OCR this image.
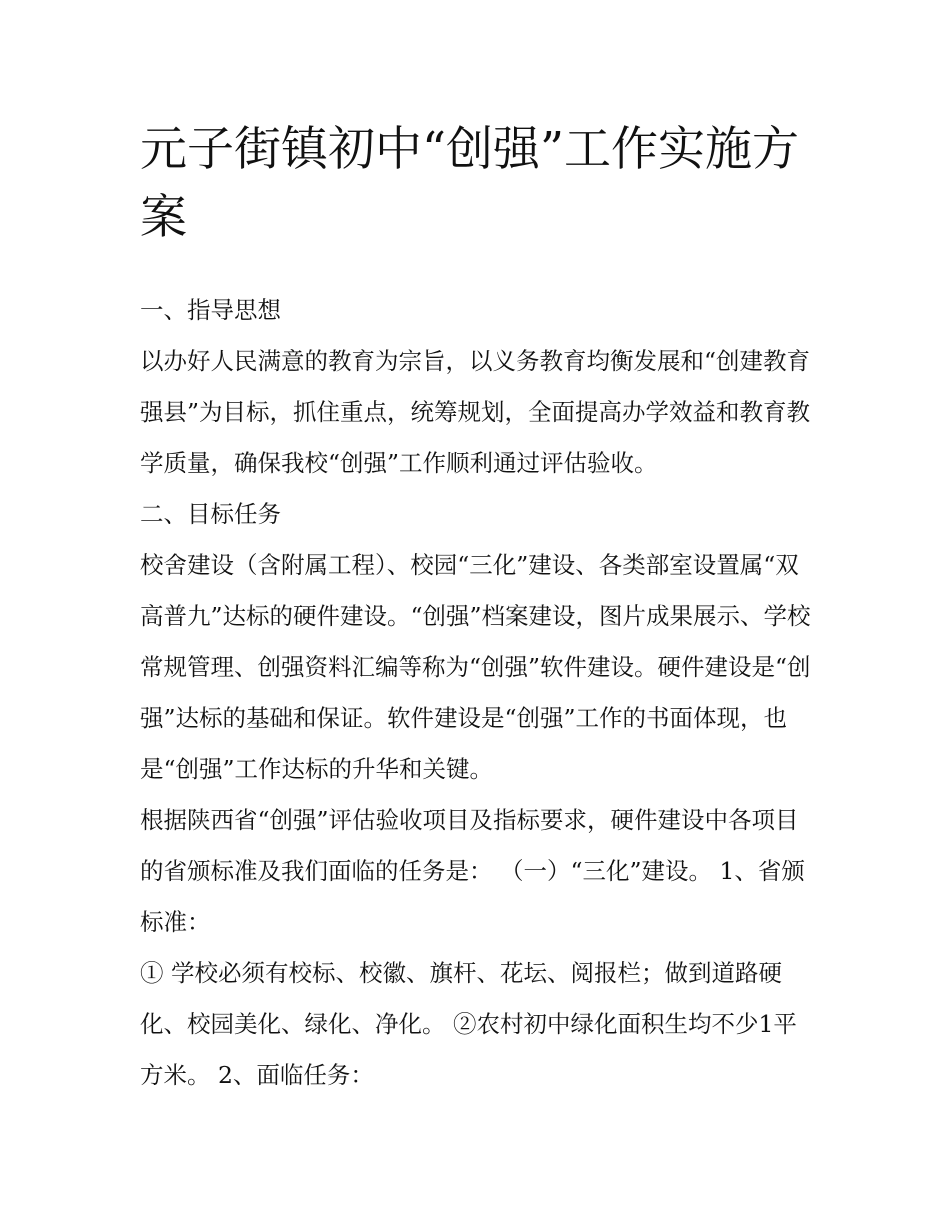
元子街镇初中“创强”工作实施方案

一、指导思想

以办好人民满意的教育为宗旨，以义务教育均衡发展和“创建教育强县”为目标，抓住重点，统筹规划，全面提高办学效益和教育教学质量，确保我校“创强”工作顺利通过评估验收。

二、目标任务

校舍建设（含附属工程）、校园“三化”建设、各类部室设置属“双高普九”达标的硬件建设。“创强”档案建设，图片成果展示、学校常规管理、创强资料汇编等称为“创强”软件建设。硬件建设是“创强”达标的基础和保证。软件建设是“创强”工作的书面体现，也是“创强”工作达标的升华和关键。

根据陕西省“创强”评估验收项目及指标要求，硬件建设中各项目的省颁标准及我们面临的任务是： （一）“三化”建设。 1、省颁标准：

① 学校必须有校标、校徽、旗杆、花坛、阅报栏；做到道路硬化、校园美化、绿化、净化。 ②农村初中绿化面积生均不少1平方米。 2、面临任务：
